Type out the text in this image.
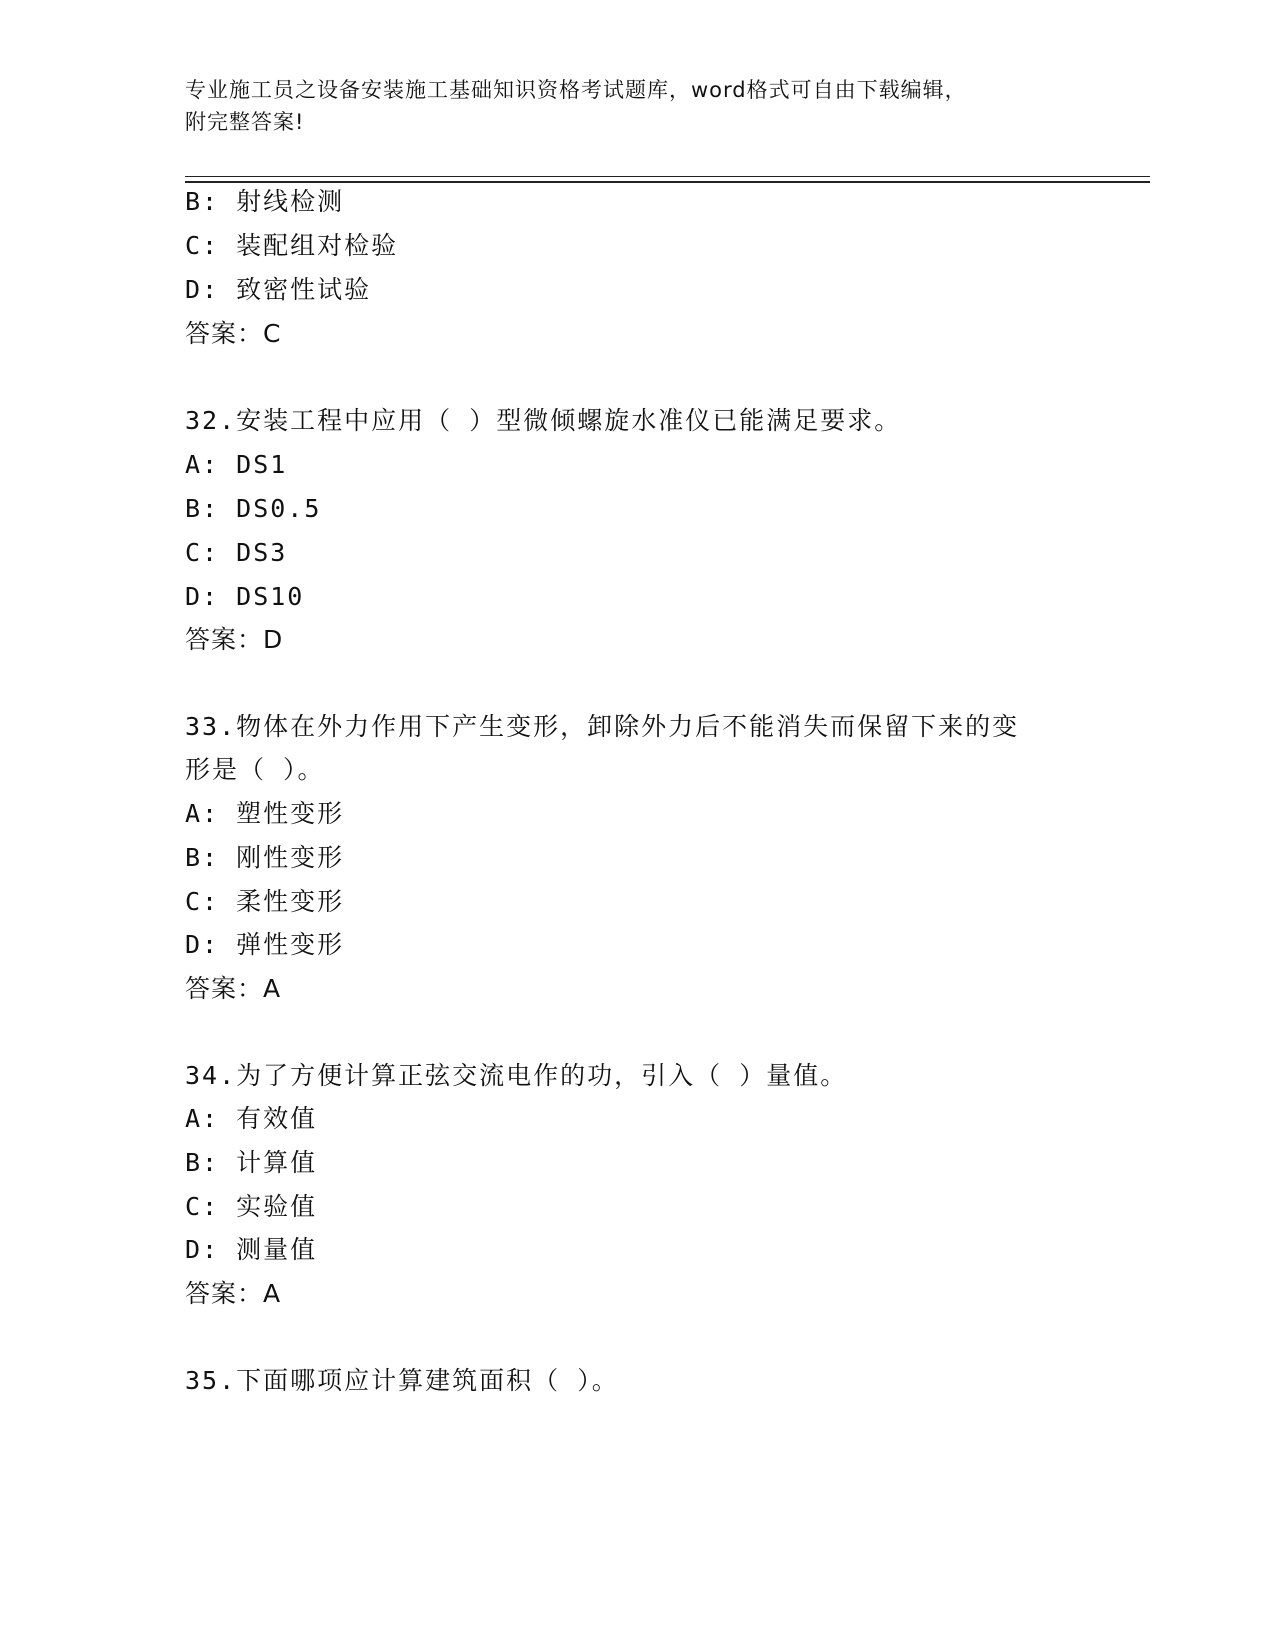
专业施工员之设备安装施工基础知识资格考试题库，word格式可自由下载编辑，
附完整答案!
B: 射线检测
C: 装配组对检验
D: 致密性试验
答案：C
32.安装工程中应用（ ）型微倾螺旋水准仪已能满足要求。
A: DS1
B: DS0.5
C: DS3
D: DS10
答案：D
33.物体在外力作用下产生变形，卸除外力后不能消失而保留下来的变
形是（ ）。
A: 塑性变形
B: 刚性变形
C: 柔性变形
D: 弹性变形
答案：A
34.为了方便计算正弦交流电作的功，引入（ ）量值。
A: 有效值
B: 计算值
C: 实验值
D: 测量值
答案：A
35.下面哪项应计算建筑面积（ ）。
